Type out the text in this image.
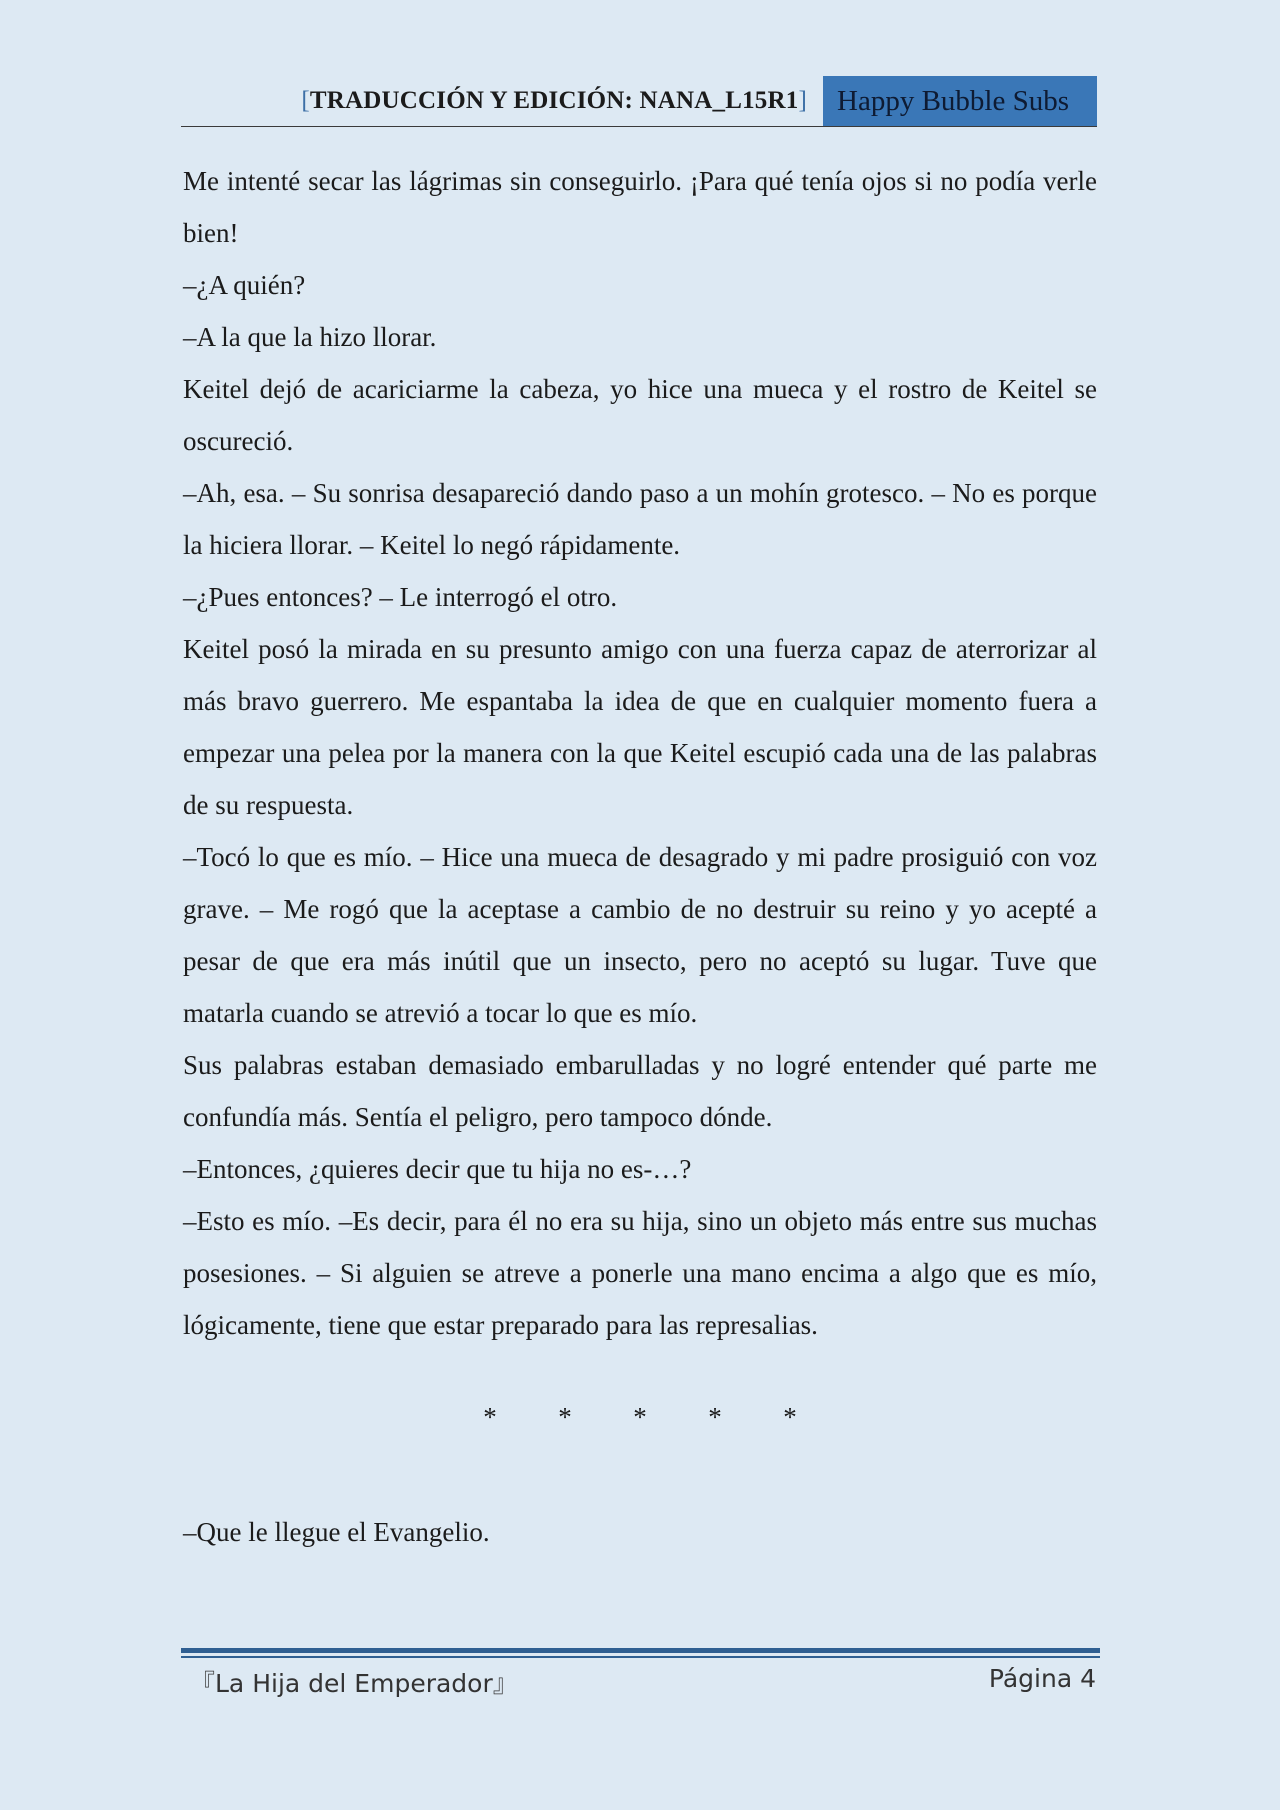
[TRADUCCIÓN Y EDICIÓN: NANA_L15R1]	Happy Bubble Subs

Me intenté secar las lágrimas sin conseguirlo. ¡Para qué tenía ojos si no podía verle bien!

–¿A quién?

–A la que la hizo llorar.

Keitel dejó de acariciarme la cabeza, yo hice una mueca y el rostro de Keitel se oscureció.

–Ah, esa. – Su sonrisa desapareció dando paso a un mohín grotesco. – No es porque la hiciera llorar. – Keitel lo negó rápidamente.

–¿Pues entonces? – Le interrogó el otro.

Keitel posó la mirada en su presunto amigo con una fuerza capaz de aterrorizar al más bravo guerrero. Me espantaba la idea de que en cualquier momento fuera a empezar una pelea por la manera con la que Keitel escupió cada una de las palabras de su respuesta.

–Tocó lo que es mío. – Hice una mueca de desagrado y mi padre prosiguió con voz grave. – Me rogó que la aceptase a cambio de no destruir su reino y yo acepté a pesar de que era más inútil que un insecto, pero no aceptó su lugar. Tuve que matarla cuando se atrevió a tocar lo que es mío.

Sus palabras estaban demasiado embarulladas y no logré entender qué parte me confundía más. Sentía el peligro, pero tampoco dónde.

–Entonces, ¿quieres decir que tu hija no es-…?

–Esto es mío. –Es decir, para él no era su hija, sino un objeto más entre sus muchas posesiones. – Si alguien se atreve a ponerle una mano encima a algo que es mío, lógicamente, tiene que estar preparado para las represalias.

*	*	*	*	*

–Que le llegue el Evangelio.

『La Hija del Emperador』	Página 4
